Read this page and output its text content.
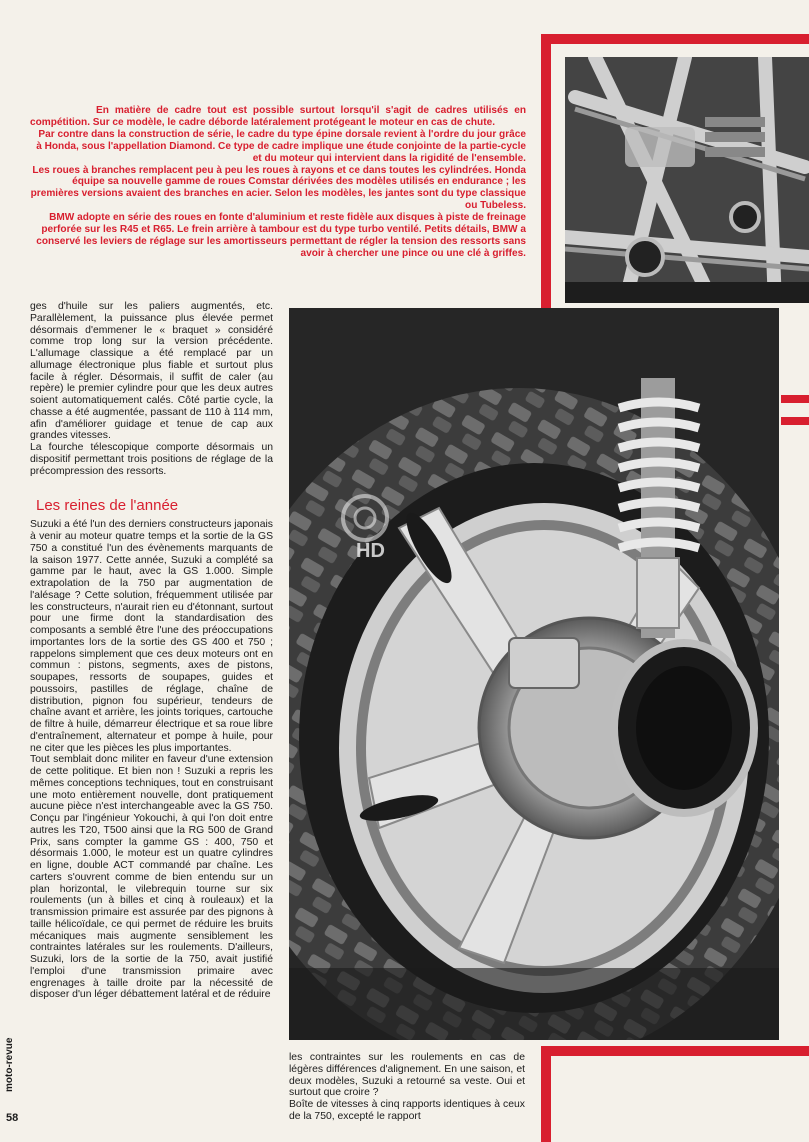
En matière de cadre tout est possible surtout lorsqu'il s'agit de cadres utilisés en compétition. Sur ce modèle, le cadre déborde latéralement protégeant le moteur en cas de chute.

Par contre dans la construction de série, le cadre du type épine dorsale revient à l'ordre du jour grâce à Honda, sous l'appellation Diamond. Ce type de cadre implique une étude conjointe de la partie-cycle et du moteur qui intervient dans la rigidité de l'ensemble.

Les roues à branches remplacent peu à peu les roues à rayons et ce dans toutes les cylindrées. Honda équipe sa nouvelle gamme de roues Comstar dérivées des modèles utilisés en endurance ; les premières versions avaient des branches en acier. Selon les modèles, les jantes sont du type classique ou Tubeless.

BMW adopte en série des roues en fonte d'aluminium et reste fidèle aux disques à piste de freinage perforée sur les R45 et R65. Le frein arrière à tambour est du type turbo ventilé. Petits détails, BMW a conservé les leviers de réglage sur les amortisseurs permettant de régler la tension des ressorts sans avoir à chercher une pince ou une clé à griffes.

HD

ges d'huile sur les paliers augmentés, etc. Parallèlement, la puissance plus élevée permet désormais d'emmener le « braquet » considéré comme trop long sur la version précédente. L'allumage classique a été remplacé par un allumage électronique plus fiable et surtout plus facile à régler. Désormais, il suffit de caler (au repère) le premier cylindre pour que les deux autres soient automatiquement calés. Côté partie cycle, la chasse a été augmentée, passant de 110 à 114 mm, afin d'améliorer guidage et tenue de cap aux grandes vitesses.

La fourche télescopique comporte désormais un dispositif permettant trois positions de réglage de la précompression des ressorts.

Les reines de l'année

Suzuki a été l'un des derniers constructeurs japonais à venir au moteur quatre temps et la sortie de la GS 750 a constitué l'un des évènements marquants de la saison 1977. Cette année, Suzuki a complété sa gamme par le haut, avec la GS 1.000. Simple extrapolation de la 750 par augmentation de l'alésage ? Cette solution, fréquemment utilisée par les constructeurs, n'aurait rien eu d'étonnant, surtout pour une firme dont la standardisation des composants a semblé être l'une des préoccupations importantes lors de la sortie des GS 400 et 750 ; rappelons simplement que ces deux moteurs ont en commun : pistons, segments, axes de pistons, soupapes, ressorts de soupapes, guides et poussoirs, pastilles de réglage, chaîne de distribution, pignon fou supérieur, tendeurs de chaîne avant et arrière, les joints toriques, cartouche de filtre à huile, démarreur électrique et sa roue libre d'entraînement, alternateur et pompe à huile, pour ne citer que les pièces les plus importantes.

Tout semblait donc militer en faveur d'une extension de cette politique. Et bien non ! Suzuki a repris les mêmes conceptions techniques, tout en construisant une moto entièrement nouvelle, dont pratiquement aucune pièce n'est interchangeable avec la GS 750. Conçu par l'ingénieur Yokouchi, à qui l'on doit entre autres les T20, T500 ainsi que la RG 500 de Grand Prix, sans compter la gamme GS : 400, 750 et désormais 1.000, le moteur est un quatre cylindres en ligne, double ACT commandé par chaîne. Les carters s'ouvrent comme de bien entendu sur un plan horizontal, le vilebrequin tourne sur six roulements (un à billes et cinq à rouleaux) et la transmission primaire est assurée par des pignons à taille hélicoïdale, ce qui permet de réduire les bruits mécaniques mais augmente sensiblement les contraintes latérales sur les roulements. D'ailleurs, Suzuki, lors de la sortie de la 750, avait justifié l'emploi d'une transmission primaire avec engrenages à taille droite par la nécessité de disposer d'un léger débattement latéral et de réduire

les contraintes sur les roulements en cas de légères différences d'alignement. En une saison, et deux modèles, Suzuki a retourné sa veste. Oui et surtout que croire ?

Boîte de vitesses à cinq rapports identiques à ceux de la 750, excepté le rapport

moto-revue
58
